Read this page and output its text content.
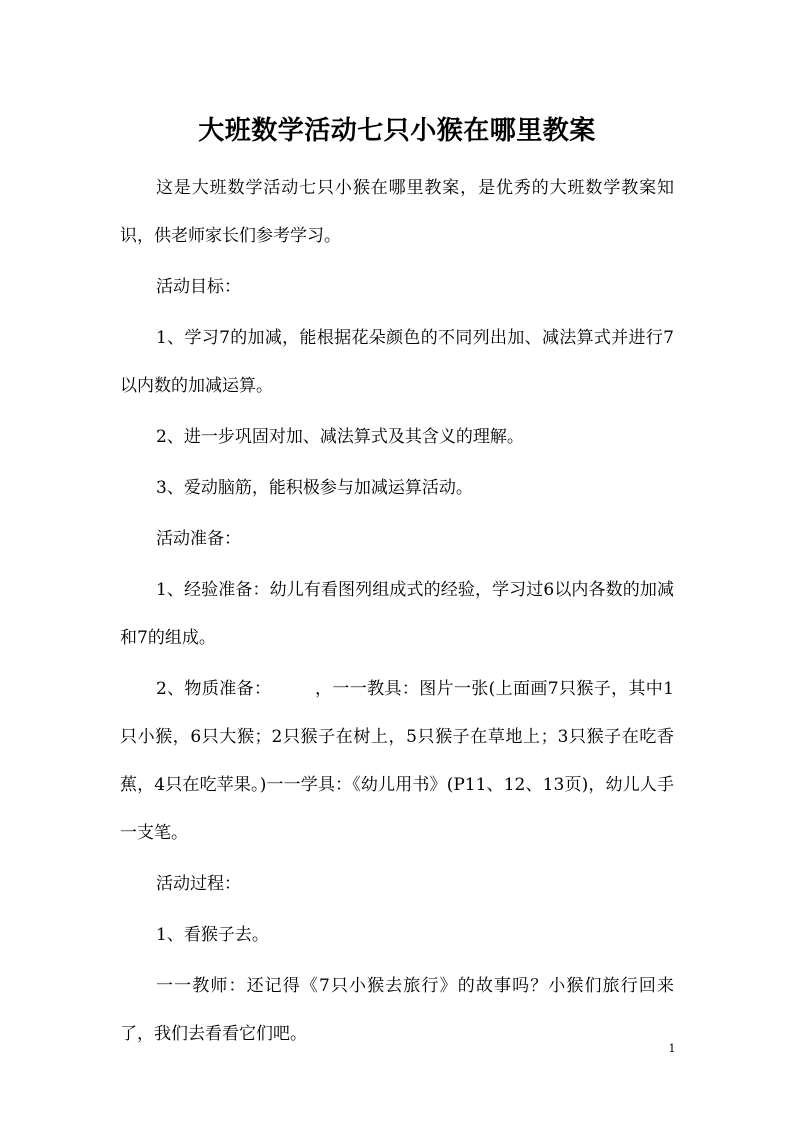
大班数学活动七只小猴在哪里教案

这是大班数学活动七只小猴在哪里教案，是优秀的大班数学教案知识，供老师家长们参考学习。

活动目标：

1、学习7的加减，能根据花朵颜色的不同列出加、减法算式并进行7以内数的加减运算。

2、进一步巩固对加、减法算式及其含义的理解。

3、爱动脑筋，能积极参与加减运算活动。

活动准备：

1、经验准备：幼儿有看图列组成式的经验，学习过6以内各数的加减和7的组成。

2、物质准备：　　　，一一教具：图片一张(上面画7只猴子，其中1只小猴，6只大猴；2只猴子在树上，5只猴子在草地上；3只猴子在吃香蕉，4只在吃苹果。)一一学具：《幼儿用书》(P11、12、13页)，幼儿人手一支笔。

活动过程：

1、看猴子去。

一一教师：还记得《7只小猴去旅行》的故事吗？小猴们旅行回来了，我们去看看它们吧。

1
